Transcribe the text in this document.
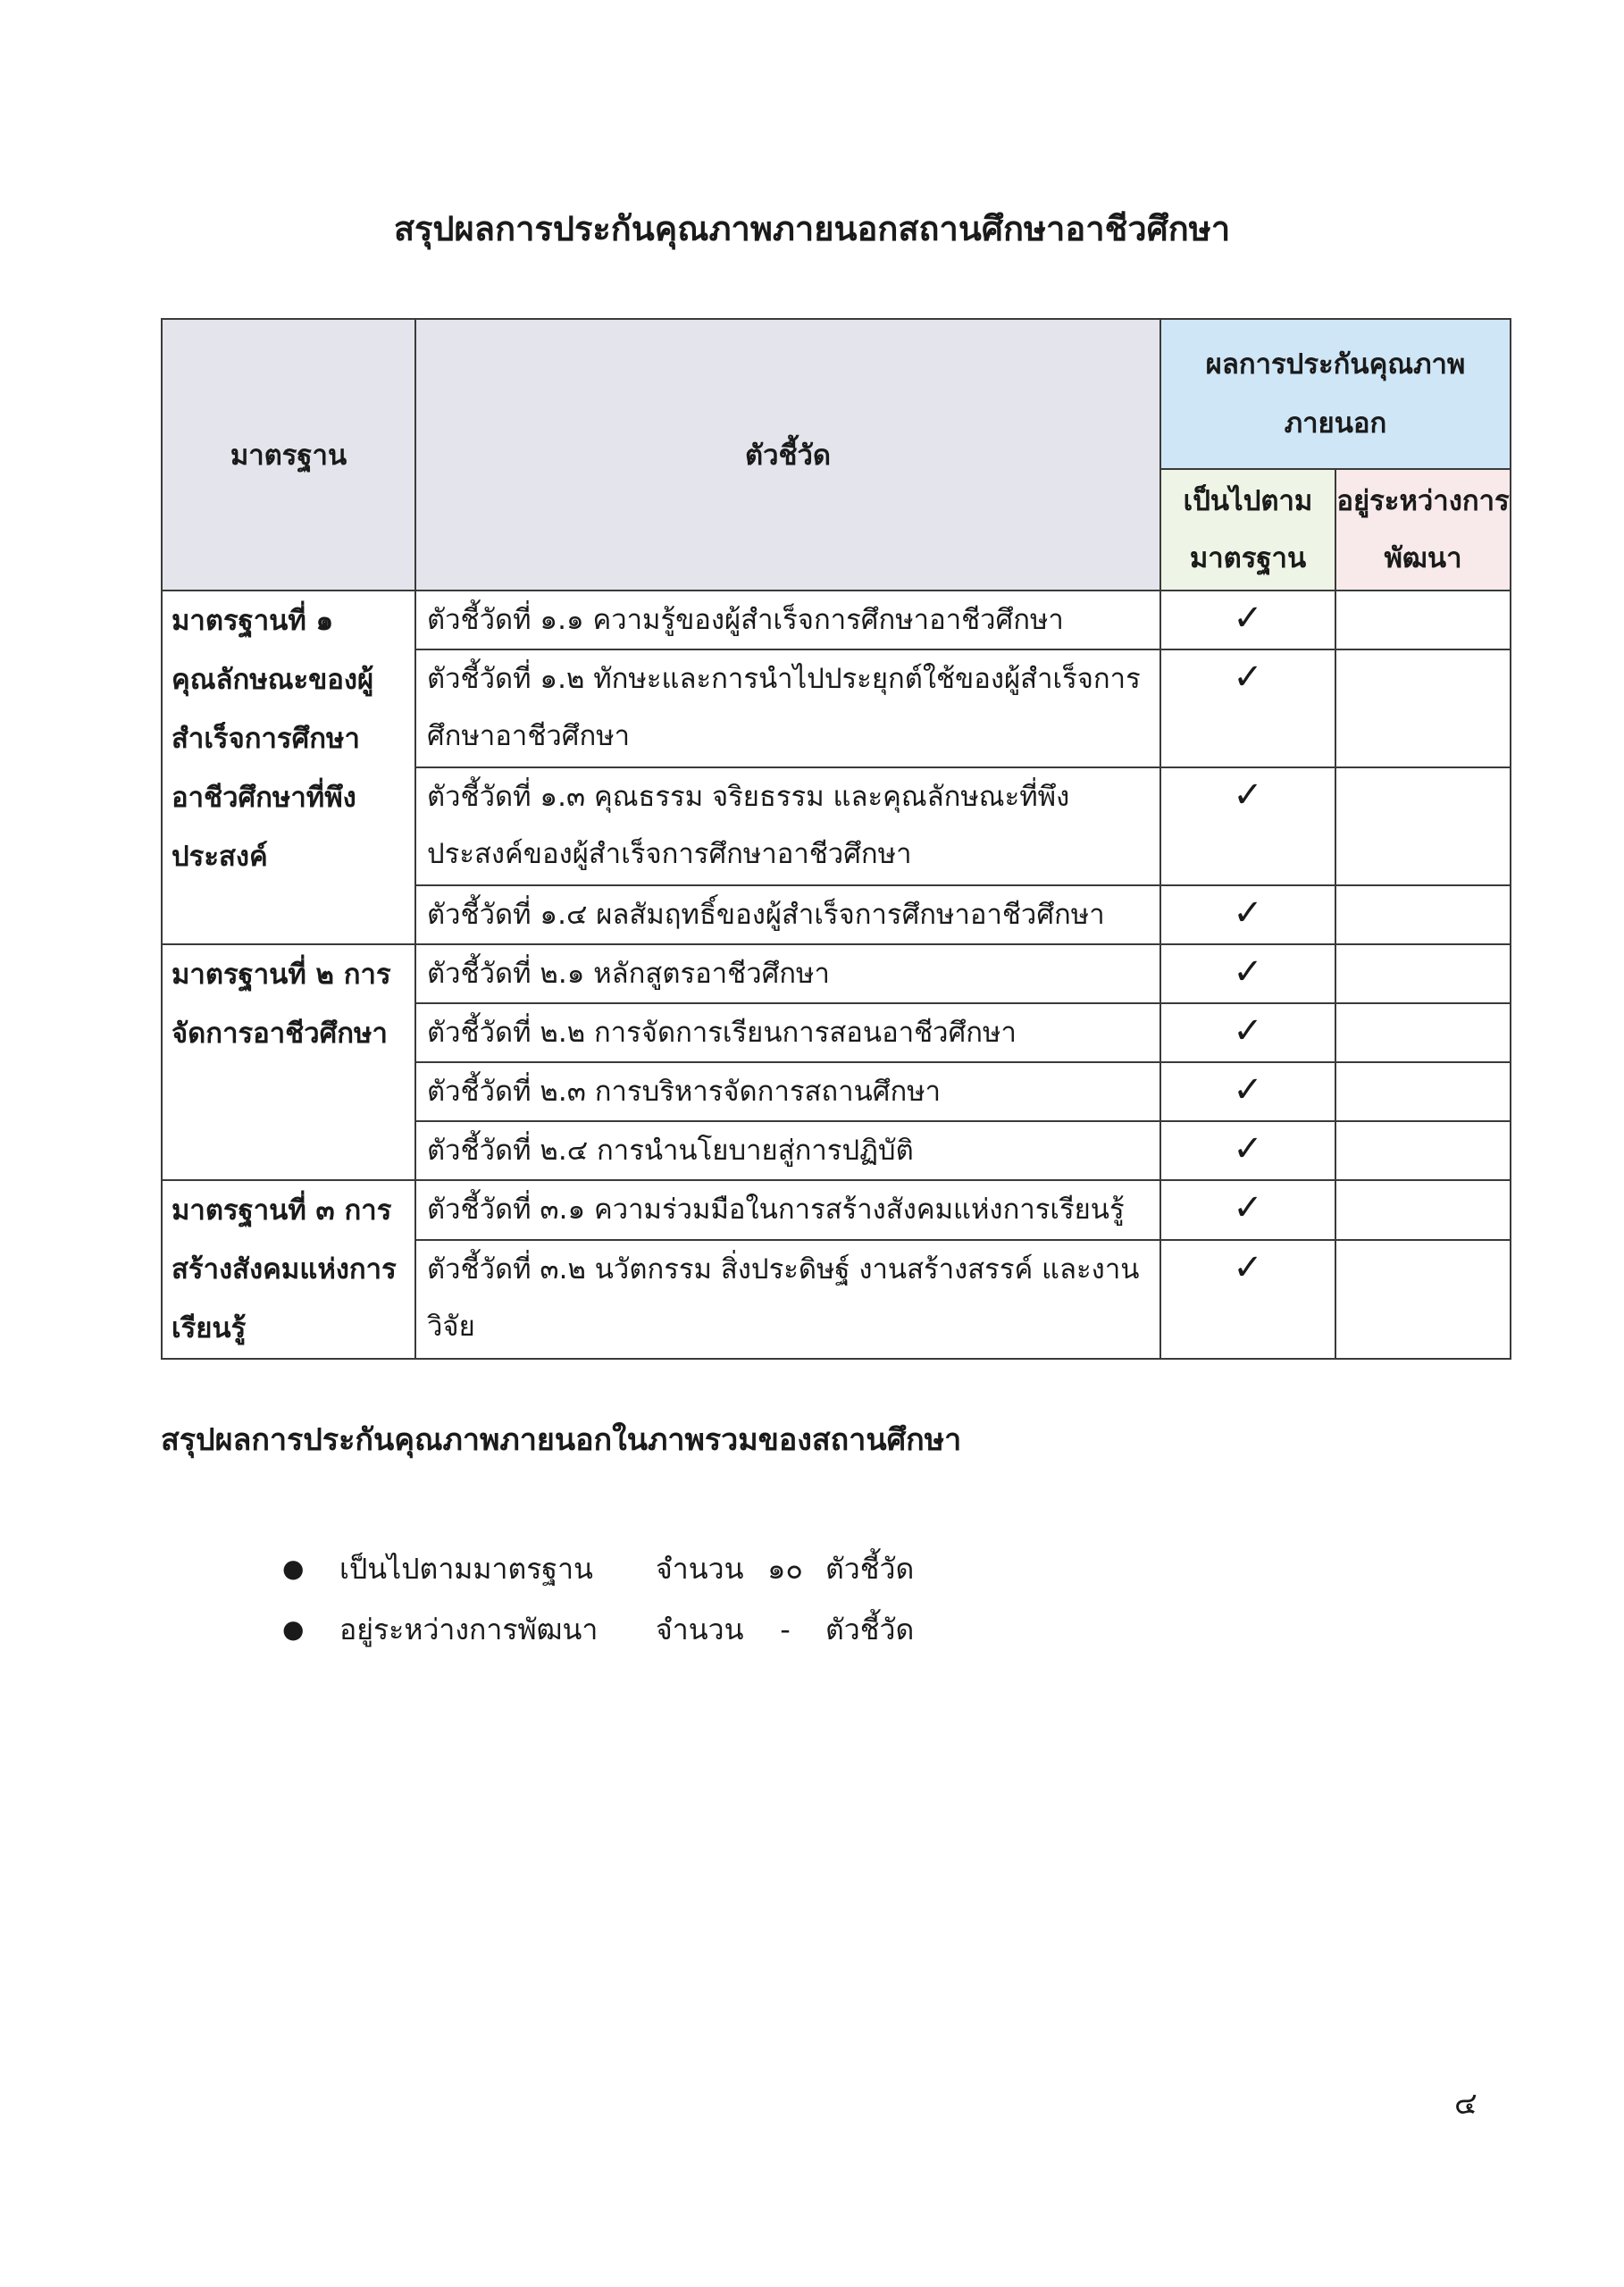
สรุปผลการประกันคุณภาพภายนอกสถานศึกษาอาชีวศึกษา
มาตรฐาน	ตัวชี้วัด	ผลการประกันคุณภาพภายนอก	
		เป็นไปตามมาตรฐาน	อยู่ระหว่างการพัฒนา
มาตรฐานที่ ๑ คุณลักษณะของผู้สำเร็จการศึกษาอาชีวศึกษาที่พึงประสงค์	ตัวชี้วัดที่ ๑.๑ ความรู้ของผู้สำเร็จการศึกษาอาชีวศึกษา	✓	
	ตัวชี้วัดที่ ๑.๒ ทักษะและการนำไปประยุกต์ใช้ของผู้สำเร็จการศึกษาอาชีวศึกษา	✓	
	ตัวชี้วัดที่ ๑.๓ คุณธรรม จริยธรรม และคุณลักษณะที่พึงประสงค์ของผู้สำเร็จการศึกษาอาชีวศึกษา	✓	
	ตัวชี้วัดที่ ๑.๔ ผลสัมฤทธิ์ของผู้สำเร็จการศึกษาอาชีวศึกษา	✓	
มาตรฐานที่ ๒ การจัดการอาชีวศึกษา	ตัวชี้วัดที่ ๒.๑ หลักสูตรอาชีวศึกษา	✓	
	ตัวชี้วัดที่ ๒.๒ การจัดการเรียนการสอนอาชีวศึกษา	✓	
	ตัวชี้วัดที่ ๒.๓ การบริหารจัดการสถานศึกษา	✓	
	ตัวชี้วัดที่ ๒.๔ การนำนโยบายสู่การปฏิบัติ	✓	
มาตรฐานที่ ๓ การสร้างสังคมแห่งการเรียนรู้	ตัวชี้วัดที่ ๓.๑ ความร่วมมือในการสร้างสังคมแห่งการเรียนรู้	✓	
	ตัวชี้วัดที่ ๓.๒ นวัตกรรม สิ่งประดิษฐ์ งานสร้างสรรค์ และงานวิจัย	✓	
สรุปผลการประกันคุณภาพภายนอกในภาพรวมของสถานศึกษา
●	เป็นไปตามมาตรฐาน	จำนวน ๑๐ ตัวชี้วัด
●	อยู่ระหว่างการพัฒนา	จำนวน	-	ตัวชี้วัด
๔
